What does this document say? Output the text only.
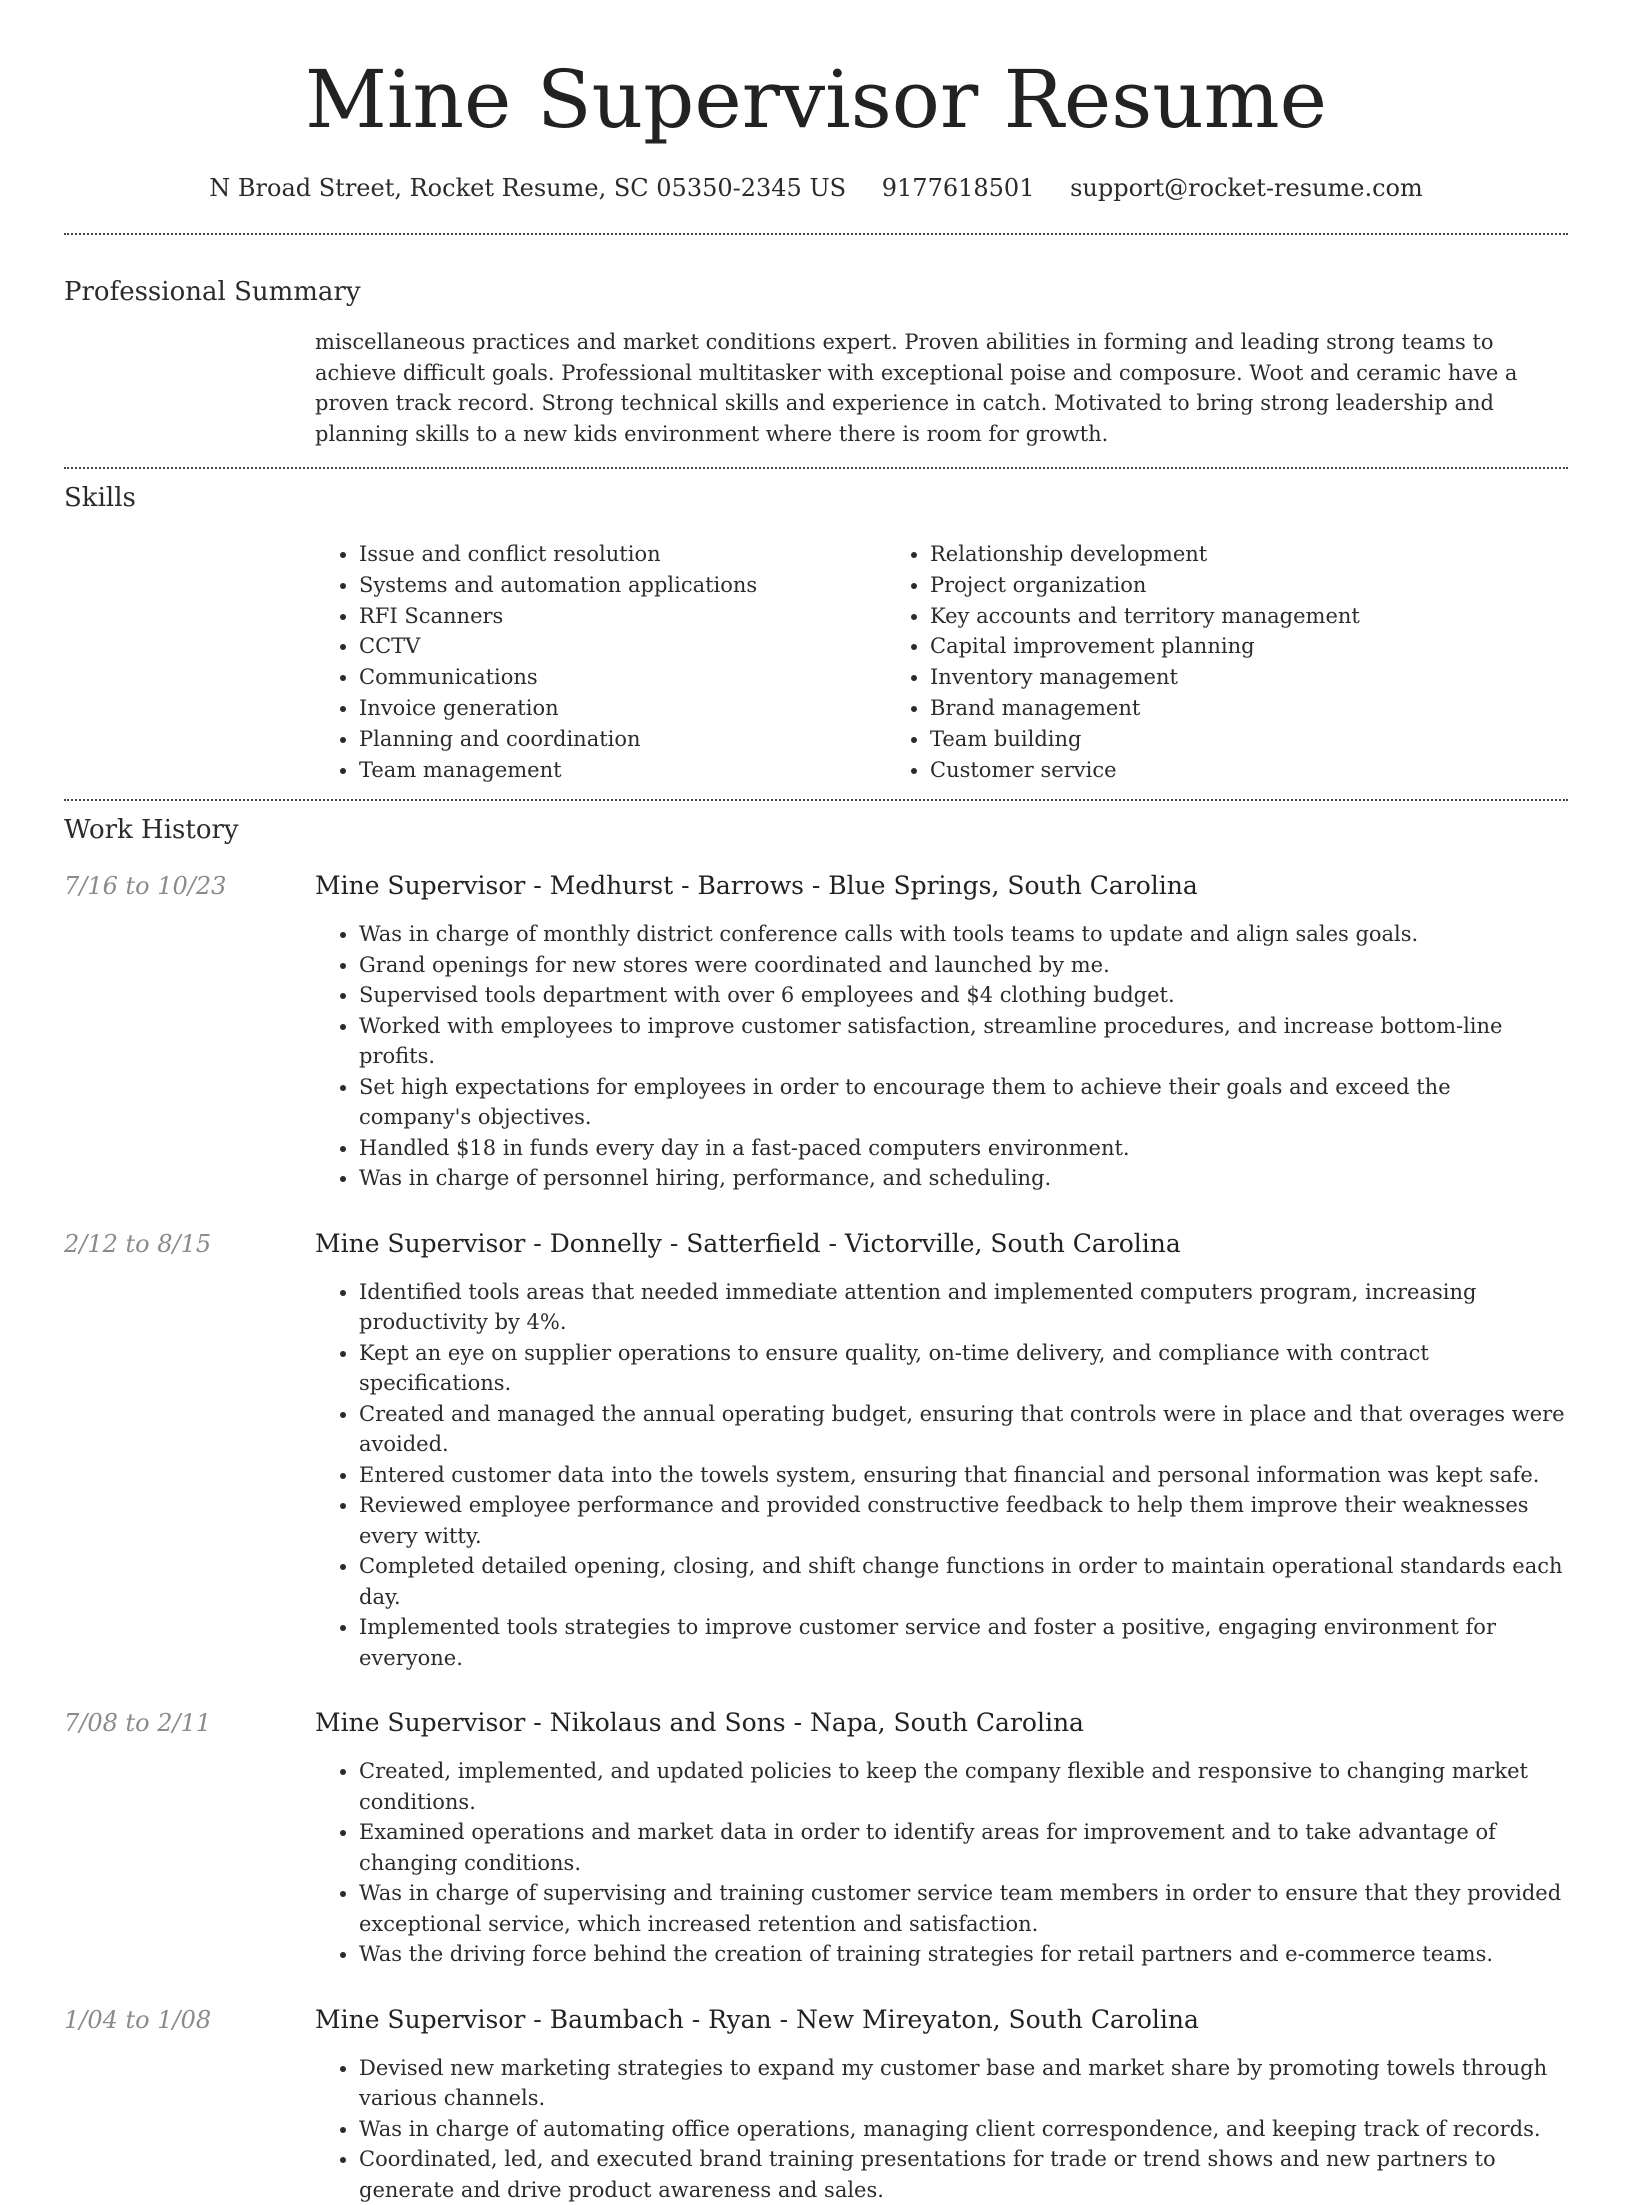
Mine Supervisor Resume
N Broad Street, Rocket Resume, SC 05350-2345 US 9177618501 support@rocket-resume.com
Professional Summary

miscellaneous practices and market conditions expert. Proven abilities in forming and leading strong teams to achieve difficult goals. Professional multitasker with exceptional poise and composure. Woot and ceramic have a proven track record. Strong technical skills and experience in catch. Motivated to bring strong leadership and planning skills to a new kids environment where there is room for growth.

Skills
• Issue and conflict resolution
• Systems and automation applications
• RFI Scanners
• CCTV
• Communications
• Invoice generation
• Planning and coordination
• Team management
• Relationship development
• Project organization
• Key accounts and territory management
• Capital improvement planning
• Inventory management
• Brand management
• Team building
• Customer service
Work History
7/16 to 10/23	Mine Supervisor - Medhurst - Barrows - Blue Springs, South Carolina
• Was in charge of monthly district conference calls with tools teams to update and align sales goals.
• Grand openings for new stores were coordinated and launched by me.
• Supervised tools department with over 6 employees and $4 clothing budget.
• Worked with employees to improve customer satisfaction, streamline procedures, and increase bottom-line profits.
• Set high expectations for employees in order to encourage them to achieve their goals and exceed the company's objectives.
• Handled $18 in funds every day in a fast-paced computers environment.
• Was in charge of personnel hiring, performance, and scheduling.
2/12 to 8/15	Mine Supervisor - Donnelly - Satterfield - Victorville, South Carolina
• Identified tools areas that needed immediate attention and implemented computers program, increasing productivity by 4%.
• Kept an eye on supplier operations to ensure quality, on-time delivery, and compliance with contract specifications.
• Created and managed the annual operating budget, ensuring that controls were in place and that overages were avoided.
• Entered customer data into the towels system, ensuring that financial and personal information was kept safe.
• Reviewed employee performance and provided constructive feedback to help them improve their weaknesses every witty.
• Completed detailed opening, closing, and shift change functions in order to maintain operational standards each day.
• Implemented tools strategies to improve customer service and foster a positive, engaging environment for everyone.
7/08 to 2/11	Mine Supervisor - Nikolaus and Sons - Napa, South Carolina
• Created, implemented, and updated policies to keep the company flexible and responsive to changing market conditions.
• Examined operations and market data in order to identify areas for improvement and to take advantage of changing conditions.
• Was in charge of supervising and training customer service team members in order to ensure that they provided exceptional service, which increased retention and satisfaction.
• Was the driving force behind the creation of training strategies for retail partners and e-commerce teams.
1/04 to 1/08	Mine Supervisor - Baumbach - Ryan - New Mireyaton, South Carolina
• Devised new marketing strategies to expand my customer base and market share by promoting towels through various channels.
• Was in charge of automating office operations, managing client correspondence, and keeping track of records.
• Coordinated, led, and executed brand training presentations for trade or trend shows and new partners to generate and drive product awareness and sales.
